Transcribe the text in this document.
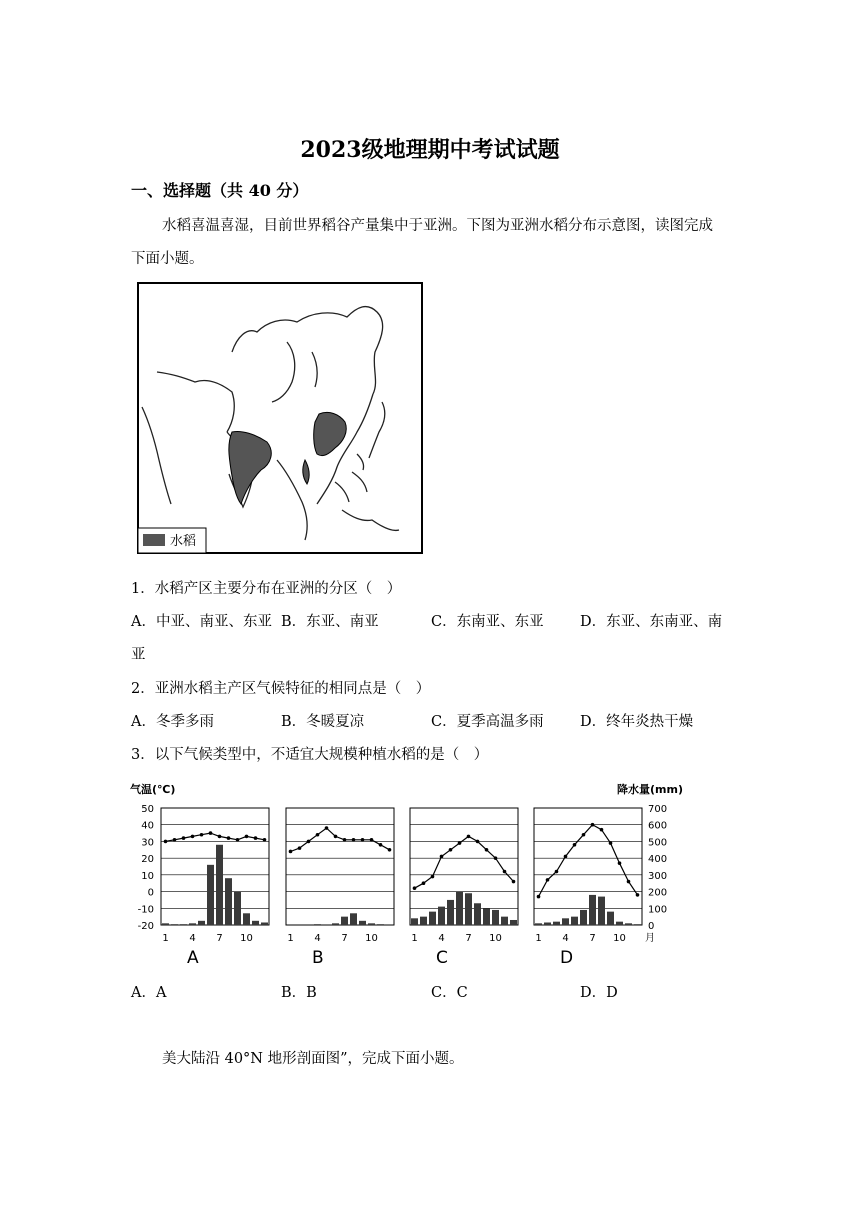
2023级地理期中考试试题
一、选择题（共 40 分）
水稻喜温喜湿，目前世界稻谷产量集中于亚洲。下图为亚洲水稻分布示意图，读图完成
下面小题。
水稻
1．水稻产区主要分布在亚洲的分区（　）
A．中亚、南亚、东亚 B．东亚、南亚	C．东南亚、东亚	D．东亚、东南亚、南
亚
2．亚洲水稻主产区气候特征的相同点是（　）
A．冬季多雨	B．冬暖夏凉	C．夏季高温多雨	D．终年炎热干燥
3．以下气候类型中，不适宜大规模种植水稻的是（　）
气温(℃)	降水量(mm)
50
40
30
20
10
0
-10
-20
700
600
500
400
300
200
100
0
1 4 7 10
A
1 4 7 10
B
1 4 7 10
C
1 4 7 10
D
月
A．A	B．B	C．C	D．D
美大陆沿 40°N 地形剖面图”，完成下面小题。
